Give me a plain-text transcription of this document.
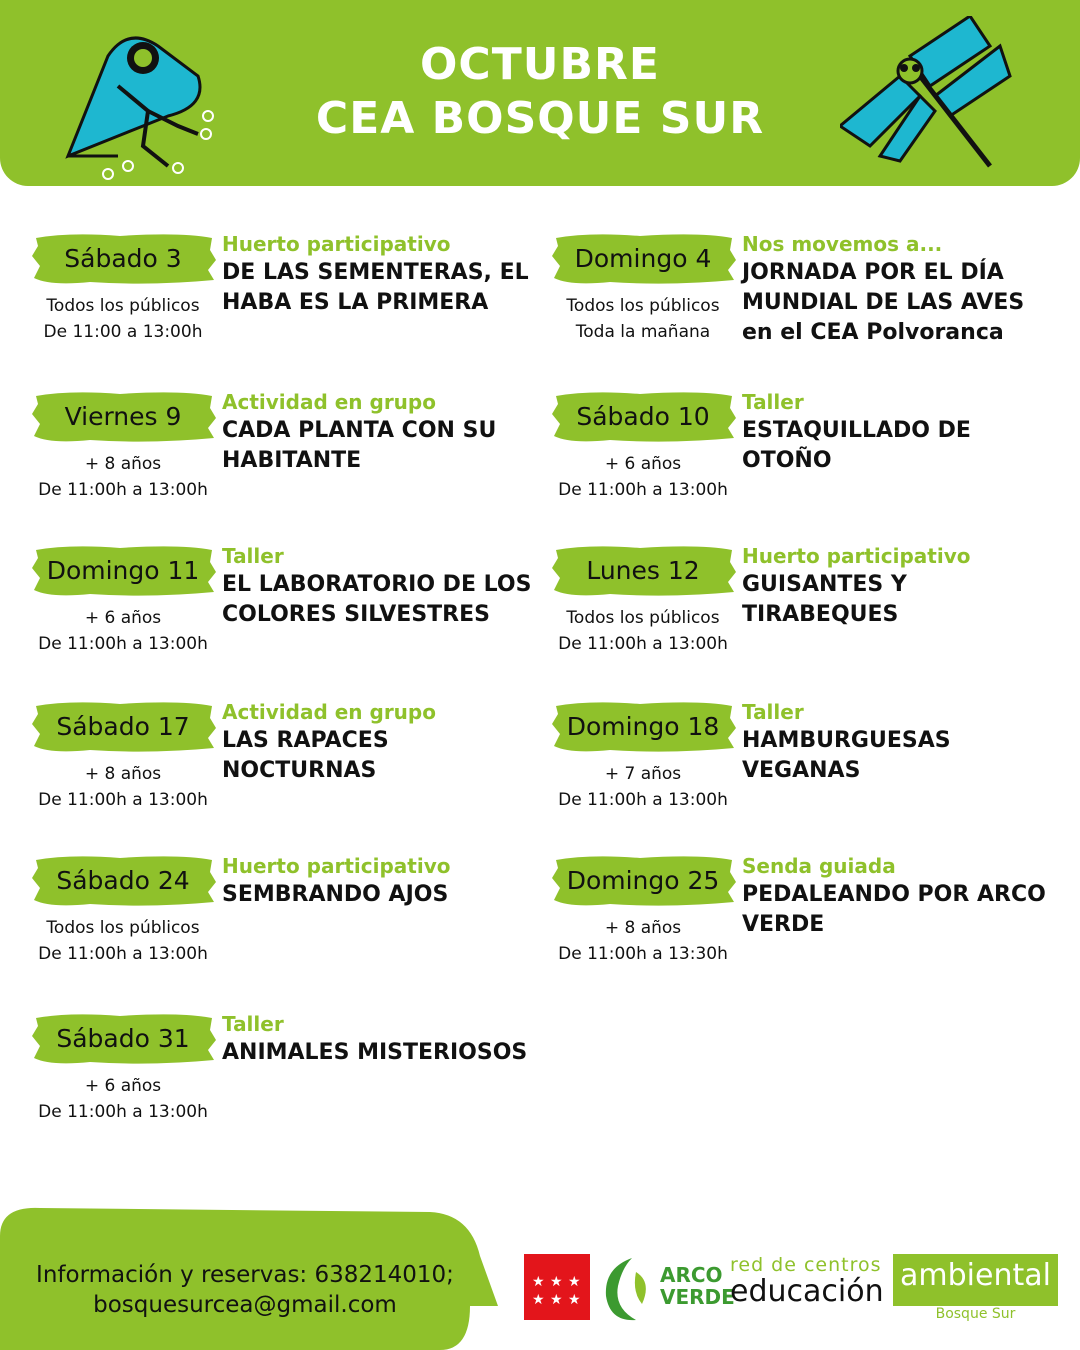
OCTUBRE
CEA BOSQUE SUR
Sábado 3
Todos los públicos
De 11:00 a 13:00h
Huerto participativo
DE LAS SEMENTERAS, EL HABA ES LA PRIMERA
Domingo 4
Todos los públicos
Toda la mañana
Nos movemos a...
JORNADA POR EL DÍA MUNDIAL DE LAS AVES en el CEA Polvoranca
Viernes 9
+ 8 años
De 11:00h a 13:00h
Actividad en grupo
CADA PLANTA CON SU HABITANTE
Sábado 10
+ 6 años
De 11:00h a 13:00h
Taller
ESTAQUILLADO DE OTOÑO
Domingo 11
+ 6 años
De 11:00h a 13:00h
Taller
EL LABORATORIO DE LOS COLORES SILVESTRES
Lunes 12
Todos los públicos
De 11:00h a 13:00h
Huerto participativo
GUISANTES Y TIRABEQUES
Sábado 17
+ 8 años
De 11:00h a 13:00h
Actividad en grupo
LAS RAPACES NOCTURNAS
Domingo 18
+ 7 años
De 11:00h a 13:00h
Taller
HAMBURGUESAS VEGANAS
Sábado 24
Todos los públicos
De 11:00h a 13:00h
Huerto participativo
SEMBRANDO AJOS	Domingo 25
+ 8 años
De 11:00h a 13:30h
Senda guiada
PEDALEANDO POR ARCO VERDE
Sábado 31
+ 6 años
De 11:00h a 13:00h
Taller
ANIMALES MISTERIOSOS
Información y reservas: 638214010;
bosquesurcea@gmail.com
★ ★ ★
★ ★ ★
ARCO
VERDE
red de centros
educación ambiental
Bosque Sur
